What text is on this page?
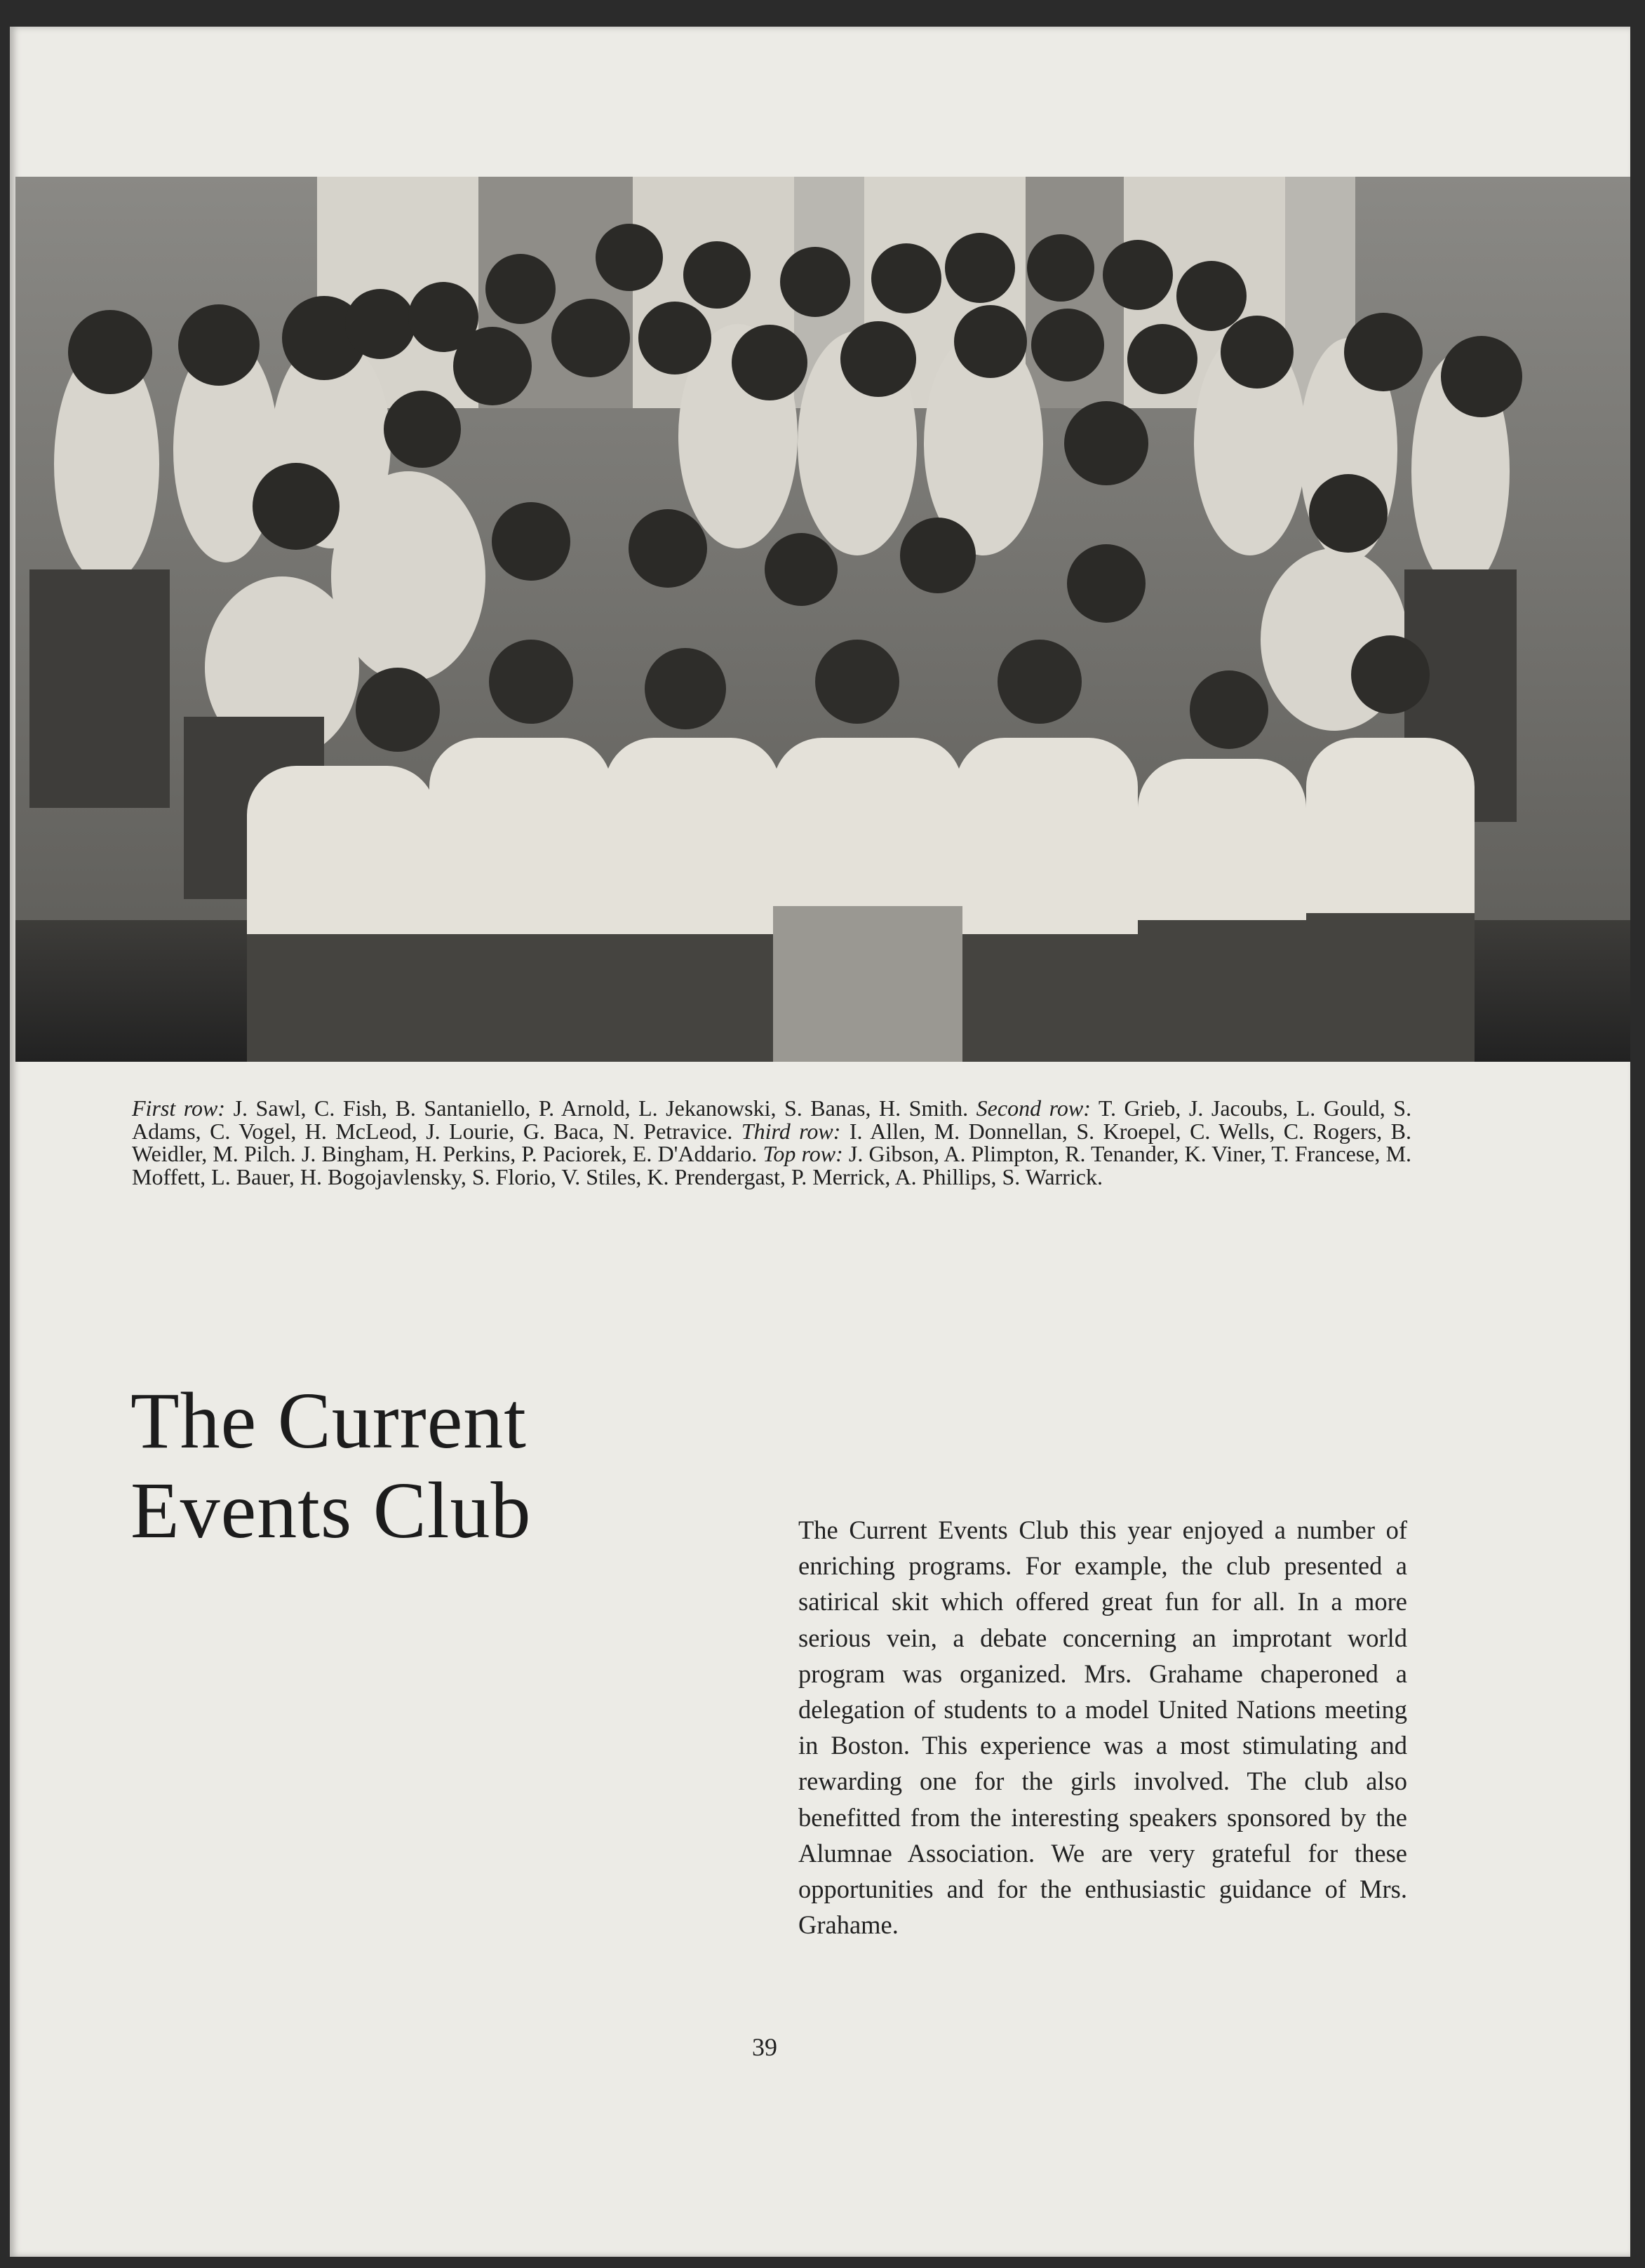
First row: J. Sawl, C. Fish, B. Santaniello, P. Arnold, L. Jekanowski, S. Banas, H. Smith. Second row: T. Grieb, J. Jacoubs, L. Gould, S. Adams, C. Vogel, H. McLeod, J. Lourie, G. Baca, N. Petravice. Third row: I. Allen, M. Donnellan, S. Kroepel, C. Wells, C. Rogers, B. Weidler, M. Pilch. J. Bingham, H. Perkins, P. Paciorek, E. D'Addario. Top row: J. Gibson, A. Plimpton, R. Tenander, K. Viner, T. Francese, M. Moffett, L. Bauer, H. Bogojavlensky, S. Florio, V. Stiles, K. Prendergast, P. Merrick, A. Phillips, S. Warrick.

The Current
Events Club	The Current Events Club this year enjoyed a number of enriching programs. For example, the club presented a satirical skit which offered great fun for all. In a more serious vein, a debate concerning an improtant world program was organized. Mrs. Grahame chaperoned a delegation of students to a model United Nations meeting in Boston. This experience was a most stimulating and rewarding one for the girls involved. The club also benefitted from the interesting speakers sponsored by the Alumnae Association. We are very grateful for these opportunities and for the enthusiastic guidance of Mrs. Grahame.

39
